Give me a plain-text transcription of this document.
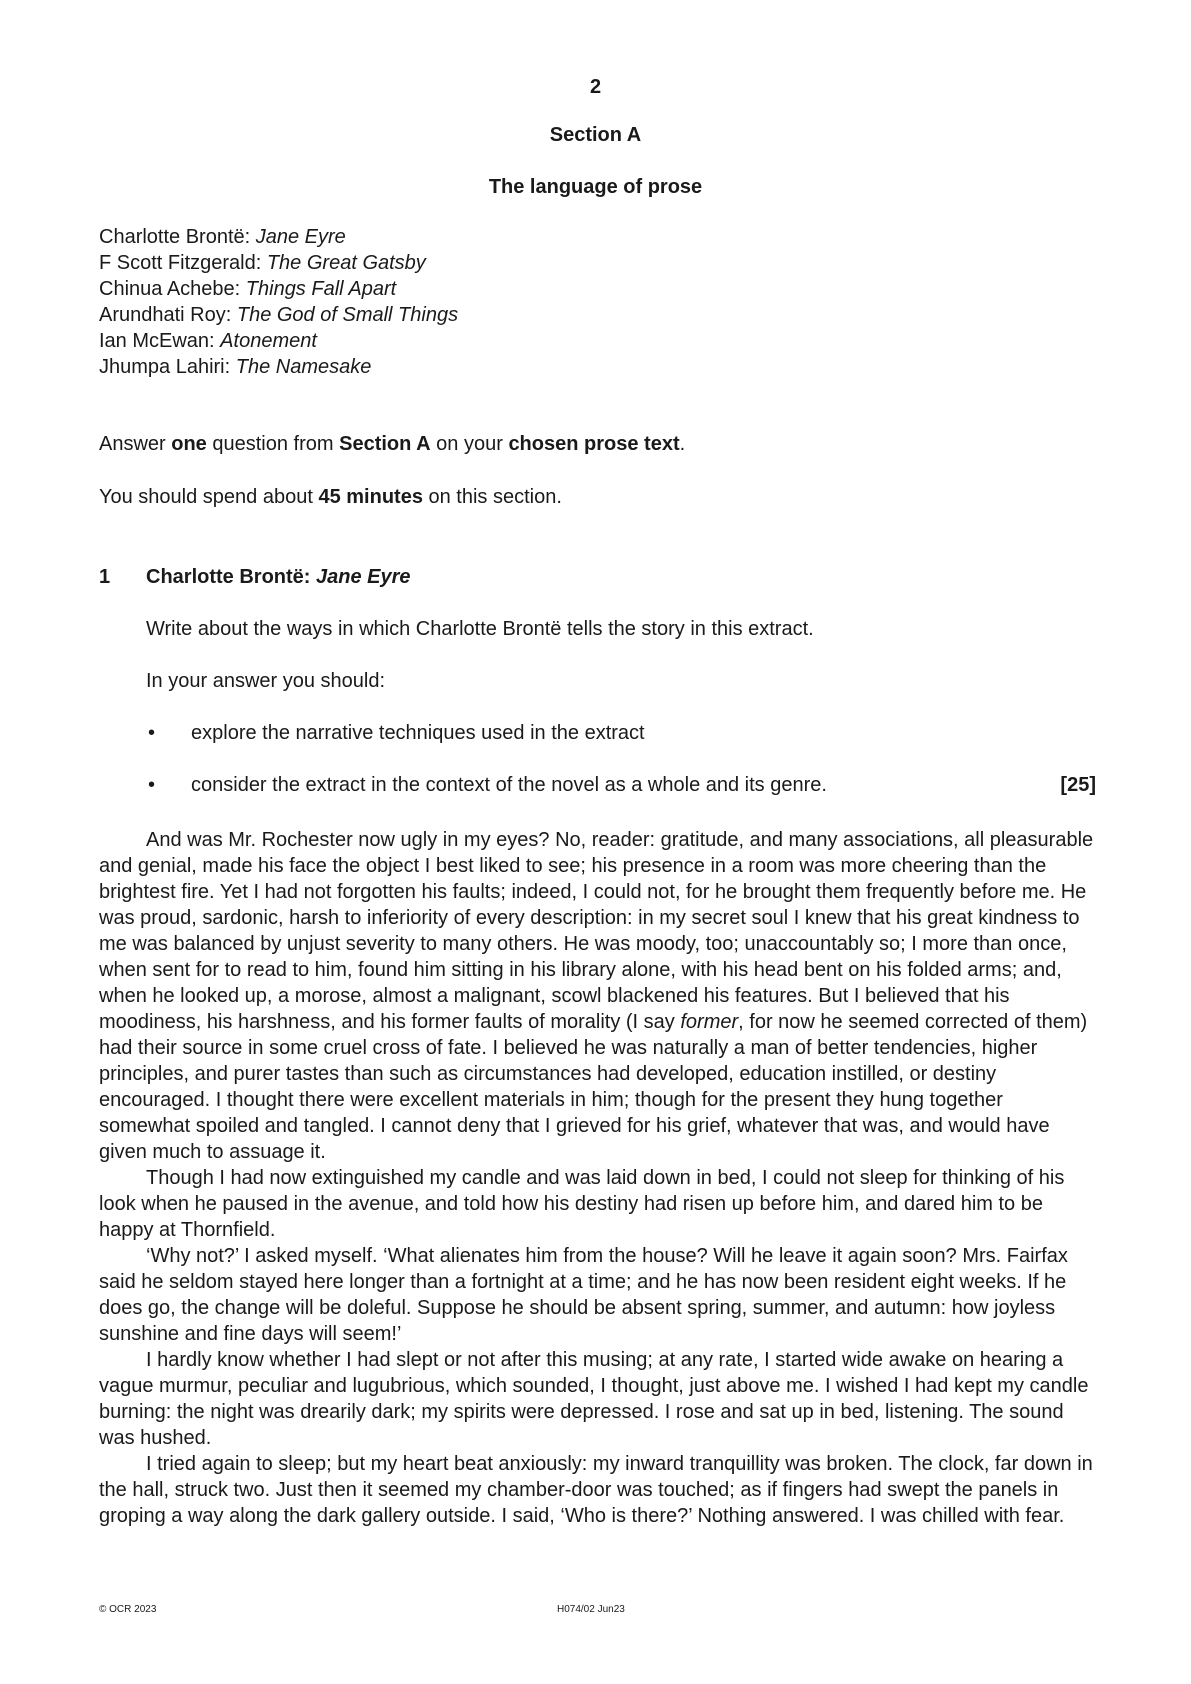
2
Section A
The language of prose
Charlotte Brontë: Jane Eyre
F Scott Fitzgerald: The Great Gatsby
Chinua Achebe: Things Fall Apart
Arundhati Roy: The God of Small Things
Ian McEwan: Atonement
Jhumpa Lahiri: The Namesake
Answer one question from Section A on your chosen prose text.
You should spend about 45 minutes on this section.
1 Charlotte Brontë: Jane Eyre
Write about the ways in which Charlotte Brontë tells the story in this extract.
In your answer you should:
• explore the narrative techniques used in the extract
• consider the extract in the context of the novel as a whole and its genre.	[25]

And was Mr. Rochester now ugly in my eyes? No, reader: gratitude, and many associations, all pleasurable and genial, made his face the object I best liked to see; his presence in a room was more cheering than the brightest fire. Yet I had not forgotten his faults; indeed, I could not, for he brought them frequently before me. He was proud, sardonic, harsh to inferiority of every description: in my secret soul I knew that his great kindness to me was balanced by unjust severity to many others. He was moody, too; unaccountably so; I more than once, when sent for to read to him, found him sitting in his library alone, with his head bent on his folded arms; and, when he looked up, a morose, almost a malignant, scowl blackened his features. But I believed that his moodiness, his harshness, and his former faults of morality (I say former, for now he seemed corrected of them) had their source in some cruel cross of fate. I believed he was naturally a man of better tendencies, higher principles, and purer tastes than such as circumstances had developed, education instilled, or destiny encouraged. I thought there were excellent materials in him; though for the present they hung together somewhat spoiled and tangled. I cannot deny that I grieved for his grief, whatever that was, and would have given much to assuage it.

Though I had now extinguished my candle and was laid down in bed, I could not sleep for thinking of his look when he paused in the avenue, and told how his destiny had risen up before him, and dared him to be happy at Thornfield.

‘Why not?’ I asked myself. ‘What alienates him from the house? Will he leave it again soon? Mrs. Fairfax said he seldom stayed here longer than a fortnight at a time; and he has now been resident eight weeks. If he does go, the change will be doleful. Suppose he should be absent spring, summer, and autumn: how joyless sunshine and fine days will seem!’

I hardly know whether I had slept or not after this musing; at any rate, I started wide awake on hearing a vague murmur, peculiar and lugubrious, which sounded, I thought, just above me. I wished I had kept my candle burning: the night was drearily dark; my spirits were depressed. I rose and sat up in bed, listening. The sound was hushed.

I tried again to sleep; but my heart beat anxiously: my inward tranquillity was broken. The clock, far down in the hall, struck two. Just then it seemed my chamber-door was touched; as if fingers had swept the panels in groping a way along the dark gallery outside. I said, ‘Who is there?’ Nothing answered. I was chilled with fear.

© OCR 2023	H074/02 Jun23
